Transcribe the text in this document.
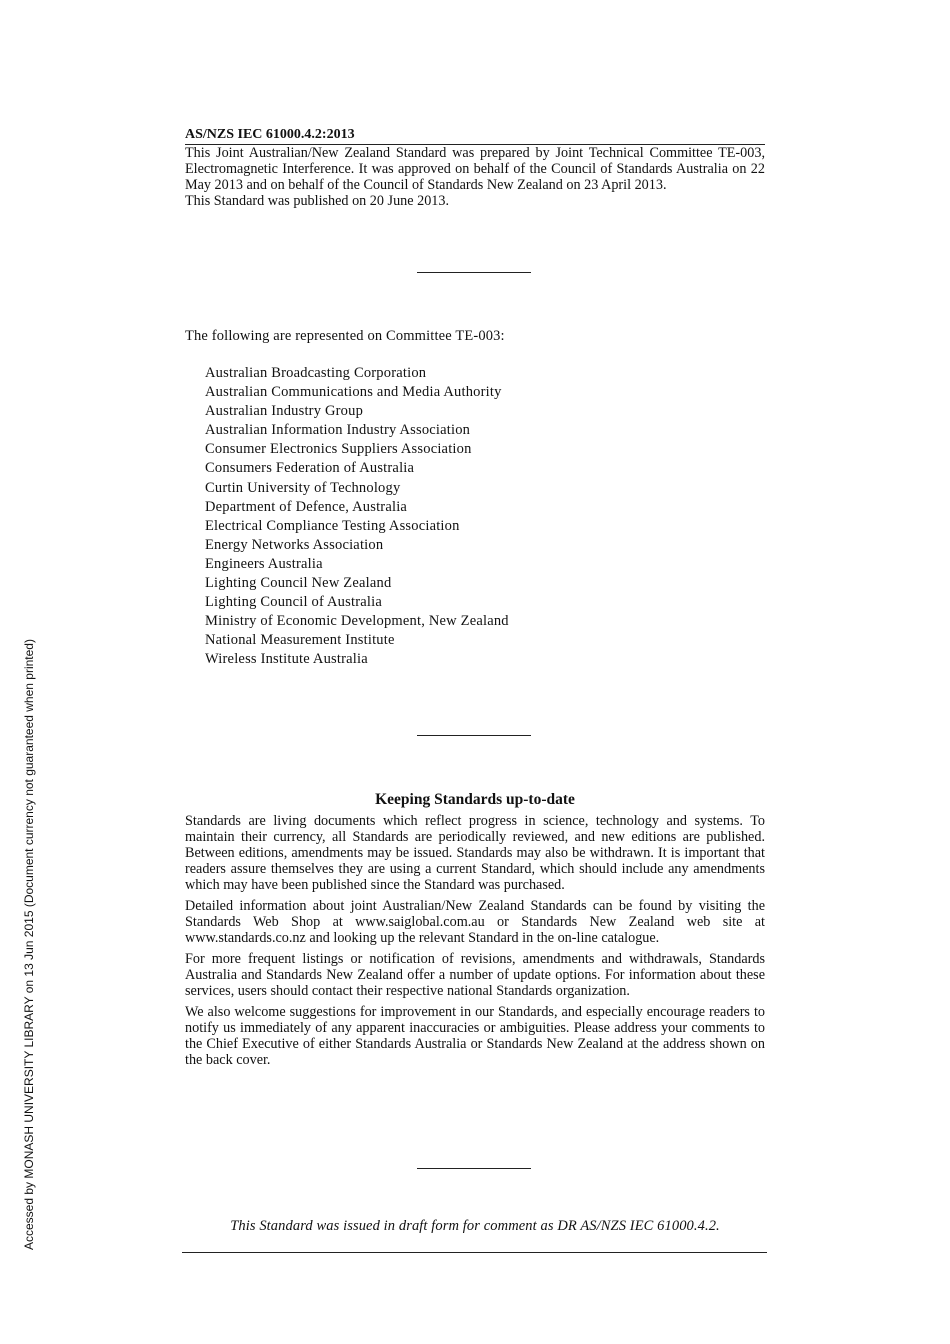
Accessed by MONASH UNIVERSITY LIBRARY on 13 Jun 2015 (Document currency not guaranteed when printed)
AS/NZS IEC 61000.4.2:2013

This Joint Australian/New Zealand Standard was prepared by Joint Technical Committee TE-003, Electromagnetic Interference. It was approved on behalf of the Council of Standards Australia on 22 May 2013 and on behalf of the Council of Standards New Zealand on 23 April 2013.

This Standard was published on 20 June 2013.

The following are represented on Committee TE-003:
Australian Broadcasting Corporation
Australian Communications and Media Authority
Australian Industry Group
Australian Information Industry Association
Consumer Electronics Suppliers Association
Consumers Federation of Australia
Curtin University of Technology
Department of Defence, Australia
Electrical Compliance Testing Association
Energy Networks Association
Engineers Australia
Lighting Council New Zealand
Lighting Council of Australia
Ministry of Economic Development, New Zealand
National Measurement Institute
Wireless Institute Australia
Keeping Standards up-to-date

Standards are living documents which reflect progress in science, technology and systems. To maintain their currency, all Standards are periodically reviewed, and new editions are published. Between editions, amendments may be issued. Standards may also be withdrawn. It is important that readers assure themselves they are using a current Standard, which should include any amendments which may have been published since the Standard was purchased.

Detailed information about joint Australian/New Zealand Standards can be found by visiting the Standards Web Shop at www.saiglobal.com.au or Standards New Zealand web site at www.standards.co.nz and looking up the relevant Standard in the on-line catalogue.

For more frequent listings or notification of revisions, amendments and withdrawals, Standards Australia and Standards New Zealand offer a number of update options. For information about these services, users should contact their respective national Standards organization.

We also welcome suggestions for improvement in our Standards, and especially encourage readers to notify us immediately of any apparent inaccuracies or ambiguities. Please address your comments to the Chief Executive of either Standards Australia or Standards New Zealand at the address shown on the back cover.

This Standard was issued in draft form for comment as DR AS/NZS IEC 61000.4.2.
